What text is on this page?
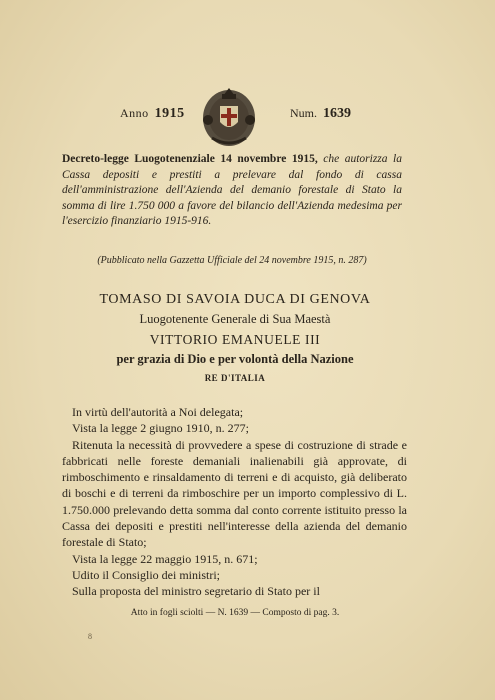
Anno 1915	Num. 1639
Decreto-legge Luogotenenziale 14 novembre 1915, che autorizza la Cassa depositi e prestiti a prelevare dal fondo di cassa dell'amministrazione dell'Azienda del demanio forestale di Stato la somma di lire 1.750 000 a favore del bilancio dell'Azienda medesima per l'esercizio finanziario 1915-916.
(Pubblicato nella Gazzetta Ufficiale del 24 novembre 1915, n. 287)
TOMASO DI SAVOIA DUCA DI GENOVA
Luogotenente Generale di Sua Maestà
VITTORIO EMANUELE III
per grazia di Dio e per volontà della Nazione
RE D'ITALIA

In virtù dell'autorità a Noi delegata;

Vista la legge 2 giugno 1910, n. 277;

Ritenuta la necessità di provvedere a spese di costruzione di strade e fabbricati nelle foreste demaniali inalienabili già approvate, di rimboschimento e rinsaldamento di terreni e di acquisto, già deliberato di boschi e di terreni da rimboschire per un importo complessivo di L. 1.750.000 prelevando detta somma dal conto corrente istituito presso la Cassa dei depositi e prestiti nell'interesse della azienda del demanio forestale di Stato;

Vista la legge 22 maggio 1915, n. 671;

Udito il Consiglio dei ministri;

Sulla proposta del ministro segretario di Stato per il

Atto in fogli sciolti — N. 1639 — Composto di pag. 3.
8
